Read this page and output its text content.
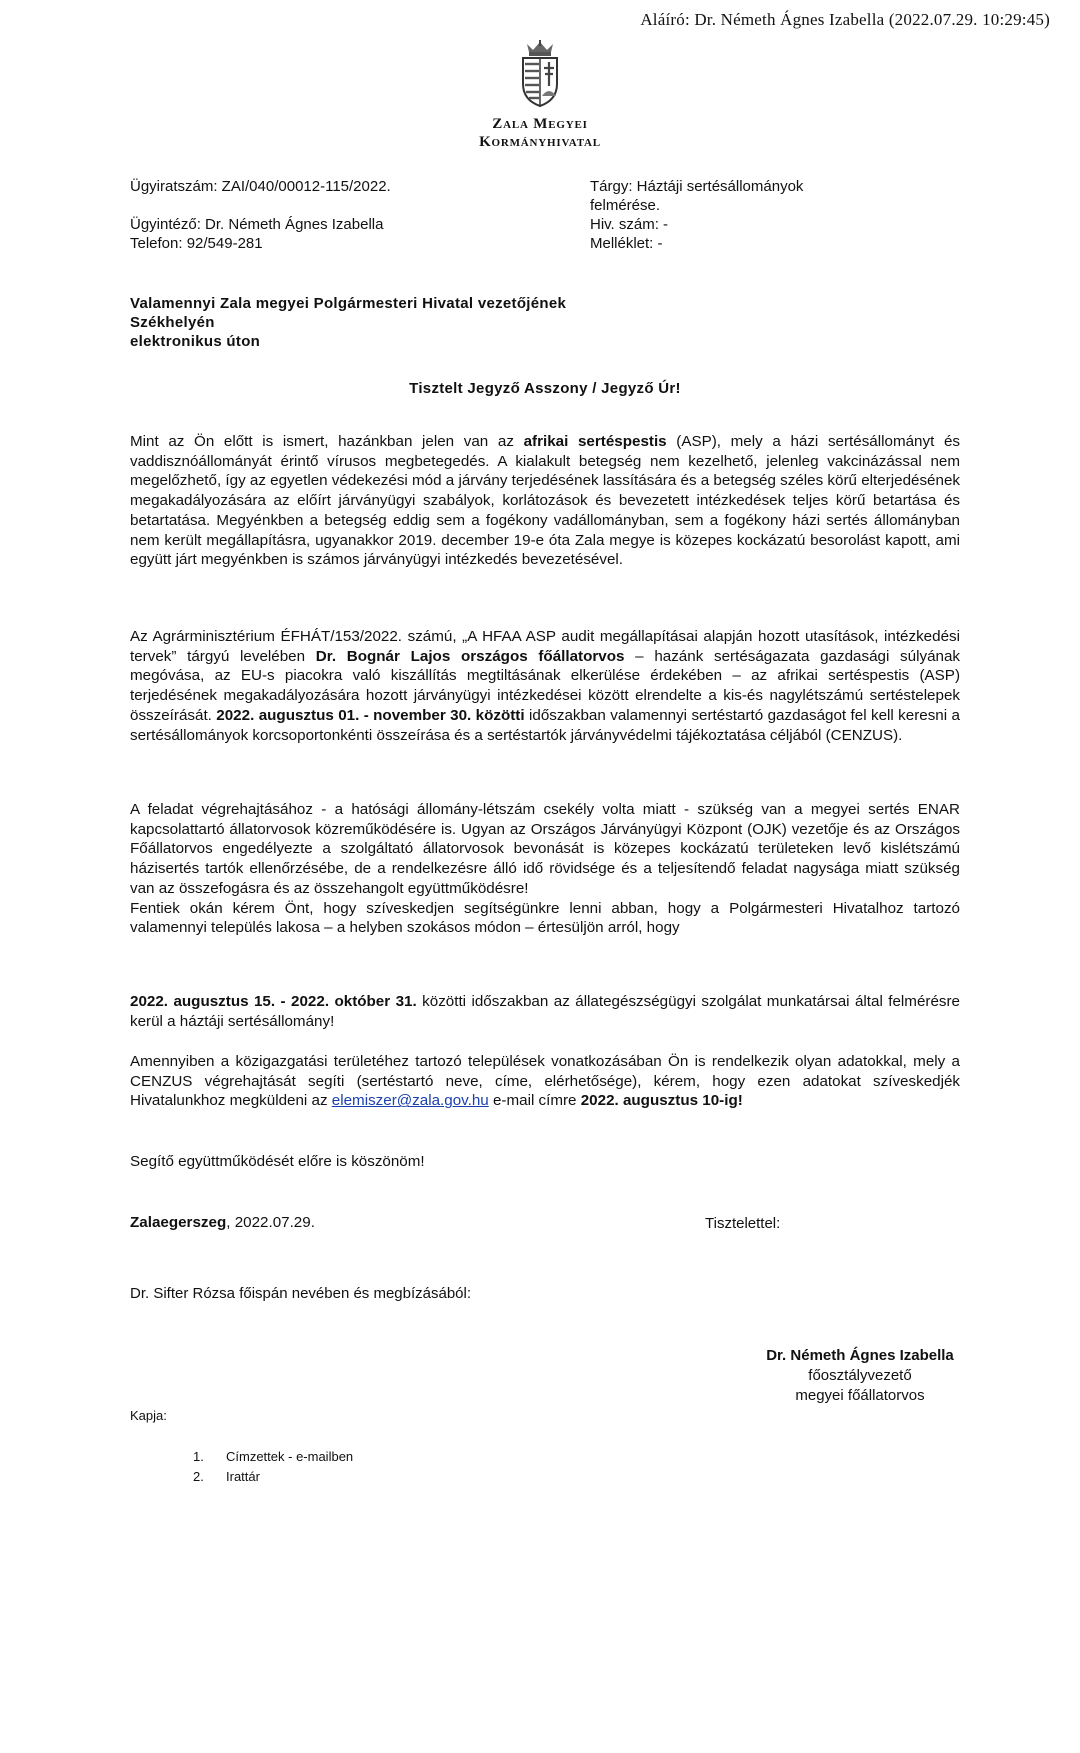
Aláíró: Dr. Németh Ágnes Izabella (2022.07.29. 10:29:45)
Zala Megyei
Kormányhivatal
Ügyiratszám: ZAI/040/00012-115/2022.
Ügyintéző: Dr. Németh Ágnes Izabella
Telefon: 92/549-281
Tárgy: Háztáji sertésállományok
felmérése.
Hiv. szám: -
Melléklet: -
Valamennyi Zala megyei Polgármesteri Hivatal vezetőjének
Székhelyén
elektronikus úton
Tisztelt Jegyző Asszony / Jegyző Úr!
Mint az Ön előtt is ismert, hazánkban jelen van az afrikai sertéspestis (ASP), mely a házi sertésállományt és vaddisznóállományát érintő vírusos megbetegedés. A kialakult betegség nem kezelhető, jelenleg vakcinázással nem megelőzhető, így az egyetlen védekezési mód a járvány terjedésének lassítására és a betegség széles körű elterjedésének megakadályozására az előírt járványügyi szabályok, korlátozások és bevezetett intézkedések teljes körű betartása és betartatása. Megyénkben a betegség eddig sem a fogékony vadállományban, sem a fogékony házi sertés állományban nem került megállapításra, ugyanakkor 2019. december 19-e óta Zala megye is közepes kockázatú besorolást kapott, ami együtt járt megyénkben is számos járványügyi intézkedés bevezetésével.
Az Agrárminisztérium ÉFHÁT/153/2022. számú, „A HFAA ASP audit megállapításai alapján hozott utasítások, intézkedési tervek” tárgyú levelében Dr. Bognár Lajos országos főállatorvos – hazánk sertéságazata gazdasági súlyának megóvása, az EU-s piacokra való kiszállítás megtiltásának elkerülése érdekében – az afrikai sertéspestis (ASP) terjedésének megakadályozására hozott járványügyi intézkedései között elrendelte a kis-és nagylétszámú sertéstelepek összeírását. 2022. augusztus 01. - november 30. közötti időszakban valamennyi sertéstartó gazdaságot fel kell keresni a sertésállományok korcsoportonkénti összeírása és a sertéstartók járványvédelmi tájékoztatása céljából (CENZUS).
A feladat végrehajtásához - a hatósági állomány-létszám csekély volta miatt - szükség van a megyei sertés ENAR kapcsolattartó állatorvosok közreműködésére is. Ugyan az Országos Járványügyi Központ (OJK) vezetője és az Országos Főállatorvos engedélyezte a szolgáltató állatorvosok bevonását is közepes kockázatú területeken levő kislétszámú házisertés tartók ellenőrzésébe, de a rendelkezésre álló idő rövidsége és a teljesítendő feladat nagysága miatt szükség van az összefogásra és az összehangolt együttműködésre!
Fentiek okán kérem Önt, hogy szíveskedjen segítségünkre lenni abban, hogy a Polgármesteri Hivatalhoz tartozó valamennyi település lakosa – a helyben szokásos módon – értesüljön arról, hogy
2022. augusztus 15. - 2022. október 31. közötti időszakban az állategészségügyi szolgálat munkatársai által felmérésre kerül a háztáji sertésállomány!
Amennyiben a közigazgatási területéhez tartozó települések vonatkozásában Ön is rendelkezik olyan adatokkal, mely a CENZUS végrehajtását segíti (sertéstartó neve, címe, elérhetősége), kérem, hogy ezen adatokat szíveskedjék Hivatalunkhoz megküldeni az elemiszer@zala.gov.hu e-mail címre 2022. augusztus 10-ig!
Segítő együttműködését előre is köszönöm!
Zalaegerszeg, 2022.07.29.	Tisztelettel:
Dr. Sifter Rózsa főispán nevében és megbízásából:
Dr. Németh Ágnes Izabella
főosztályvezető
megyei főállatorvos
Kapja:
1. Címzettek - e-mailben
2. Irattár
